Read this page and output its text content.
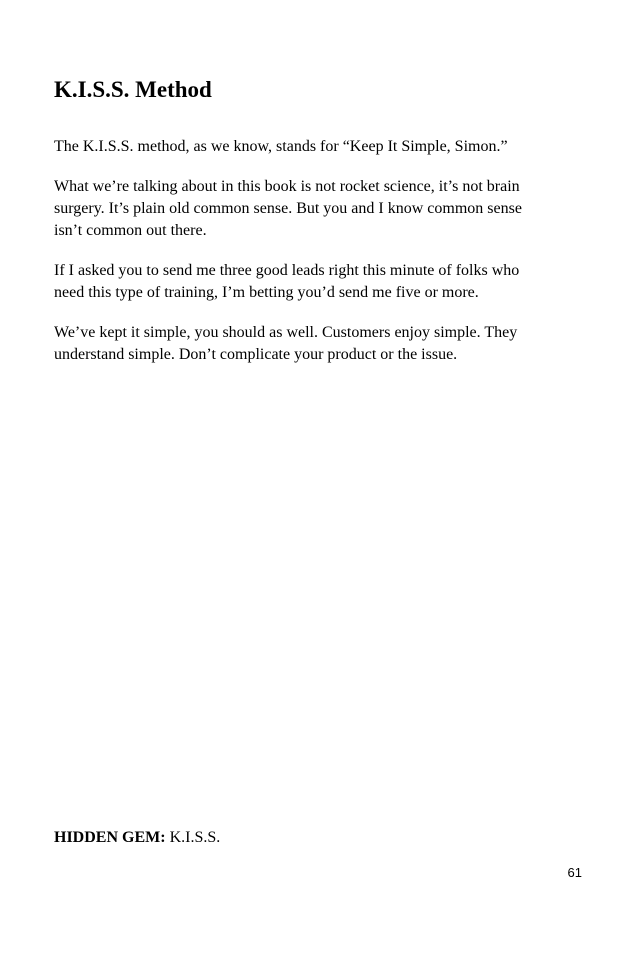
K.I.S.S. Method

The K.I.S.S. method, as we know, stands for “Keep It Simple, Simon.”

What we’re talking about in this book is not rocket science, it’s not brain
surgery. It’s plain old common sense. But you and I know common sense
isn’t common out there.

If I asked you to send me three good leads right this minute of folks who
need this type of training, I’m betting you’d send me five or more.

We’ve kept it simple, you should as well. Customers enjoy simple. They
understand simple. Don’t complicate your product or the issue.

HIDDEN GEM: K.I.S.S.

61
